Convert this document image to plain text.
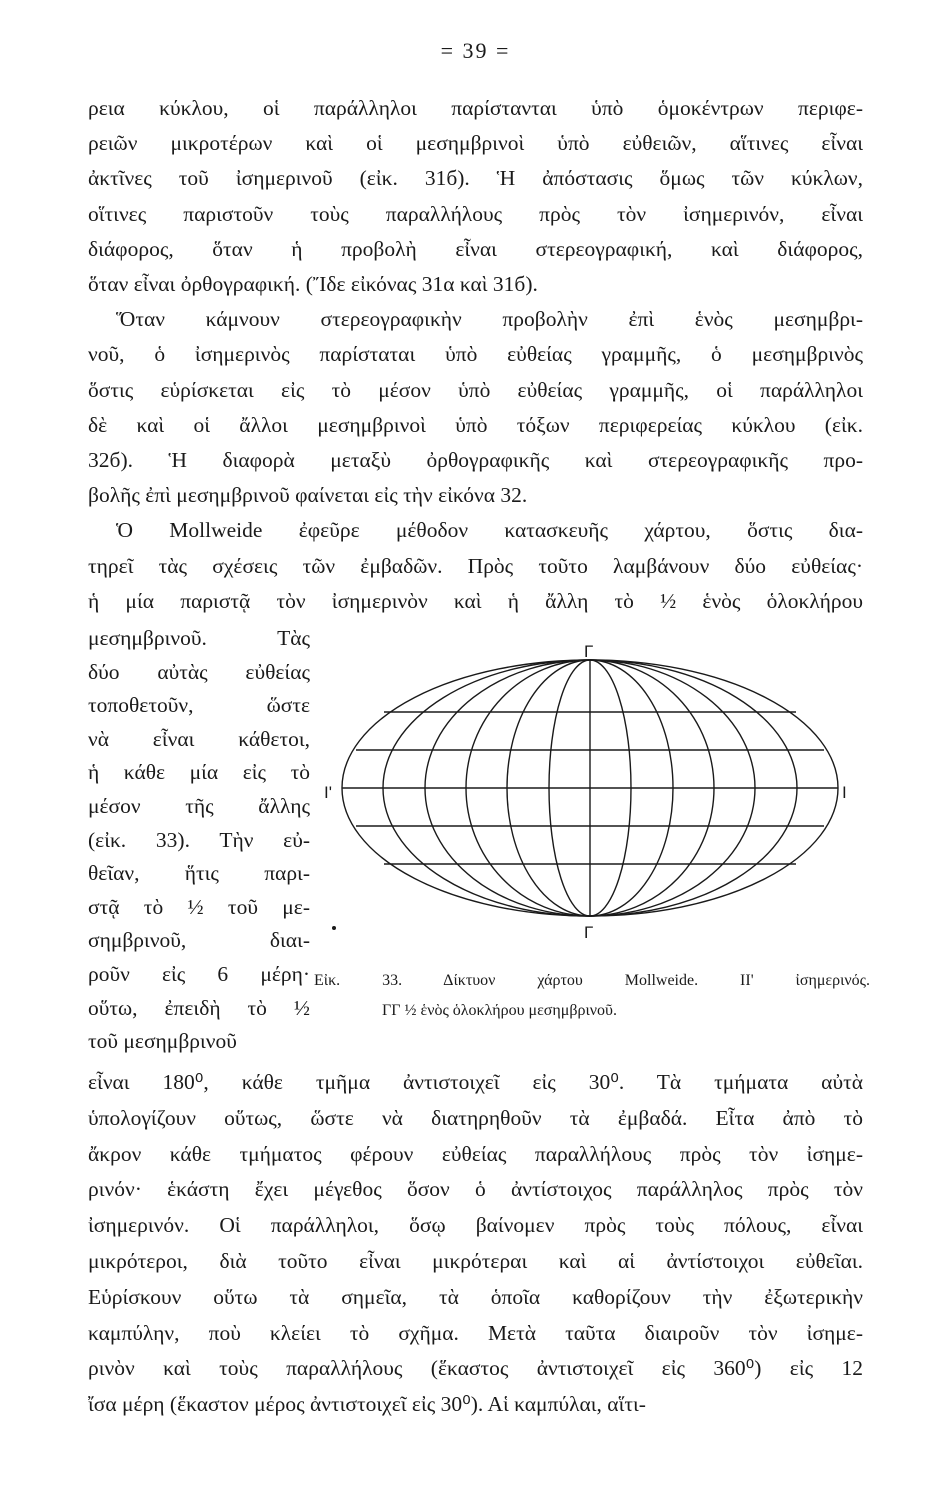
= 39 =
ρεια κύκλου, οἱ παράλληλοι παρίστανται ὑπὸ ὁμοκέντρων περιφε-
ρειῶν μικροτέρων καὶ οἱ μεσημβρινοὶ ὑπὸ εὐθειῶν, αἵτινες εἶναι
ἀκτῖνες τοῦ ἰσημερινοῦ (εἰκ. 31б). Ἡ ἀπόστασις ὅμως τῶν κύκλων,
οἵτινες παριστοῦν τοὺς παραλλήλους πρὸς τὸν ἰσημερινόν, εἶναι
διάφορος, ὅταν ἡ προβολὴ εἶναι στερεογραφική, καὶ διάφορος,
ὅταν εἶναι ὀρθογραφική. (Ἴδε εἰκόνας 31α καὶ 31б).
Ὅταν κάμνουν στερεογραφικὴν προβολὴν ἐπὶ ἑνὸς μεσημβρι-
νοῦ, ὁ ἰσημερινὸς παρίσταται ὑπὸ εὐθείας γραμμῆς, ὁ μεσημβρινὸς
ὅστις εὑρίσκεται εἰς τὸ μέσον ὑπὸ εὐθείας γραμμῆς, οἱ παράλληλοι
δὲ καὶ οἱ ἄλλοι μεσημβρινοὶ ὑπὸ τόξων περιφερείας κύκλου (εἰκ.
32б). Ἡ διαφορὰ μεταξὺ ὀρθογραφικῆς καὶ στερεογραφικῆς προ-
βολῆς ἐπὶ μεσημβρινοῦ φαίνεται εἰς τὴν εἰκόνα 32.
Ὁ Mollweide ἐφεῦρε μέθοδον κατασκευῆς χάρτου, ὅστις δια-
τηρεῖ τὰς σχέσεις τῶν ἐμβαδῶν. Πρὸς τοῦτο λαμβάνουν δύο εὐθείας·
ἡ μία παριστᾷ τὸν ἰσημερινὸν καὶ ἡ ἄλλη τὸ ½ ἑνὸς ὁλοκλήρου
μεσημβρινοῦ. Τὰς
δύο αὐτὰς εὐθείας
τοποθετοῦν, ὥστε
νὰ εἶναι κάθετοι,
ἡ κάθε μία εἰς τὸ
μέσον τῆς ἄλλης
(εἰκ. 33). Τὴν εὐ-
θεῖαν, ἥτις παρι-
στᾷ τὸ ½ τοῦ με-
σημβρινοῦ, διαι-
ροῦν εἰς 6 μέρη·
οὕτω, ἐπειδὴ τὸ ½
τοῦ μεσημβρινοῦ
Γ
Γ
Ι'	Ι
Εἰκ. 33. Δίκτυον χάρτου Mollweide. ΙΙ' ἰσημερινός.
ΓΓ ½ ἑνὸς ὁλοκλήρου μεσημβρινοῦ.
εἶναι 180⁰, κάθε τμῆμα ἀντιστοιχεῖ εἰς 30⁰. Τὰ τμήματα αὐτὰ
ὑπολογίζουν οὕτως, ὥστε νὰ διατηρηθοῦν τὰ ἐμβαδά. Εἶτα ἀπὸ τὸ
ἄκρον κάθε τμήματος φέρουν εὐθείας παραλλήλους πρὸς τὸν ἰσημε-
ρινόν· ἑκάστη ἔχει μέγεθος ὅσον ὁ ἀντίστοιχος παράλληλος πρὸς τὸν
ἰσημερινόν. Οἱ παράλληλοι, ὅσῳ βαίνομεν πρὸς τοὺς πόλους, εἶναι
μικρότεροι, διὰ τοῦτο εἶναι μικρότεραι καὶ αἱ ἀντίστοιχοι εὐθεῖαι.
Εὑρίσκουν οὕτω τὰ σημεῖα, τὰ ὁποῖα καθορίζουν τὴν ἐξωτερικὴν
καμπύλην, ποὺ κλείει τὸ σχῆμα. Μετὰ ταῦτα διαιροῦν τὸν ἰσημε-
ρινὸν καὶ τοὺς παραλλήλους (ἕκαστος ἀντιστοιχεῖ εἰς 360⁰) εἰς 12
ἴσα μέρη (ἕκαστον μέρος ἀντιστοιχεῖ εἰς 30⁰). Αἱ καμπύλαι, αἵτι-
